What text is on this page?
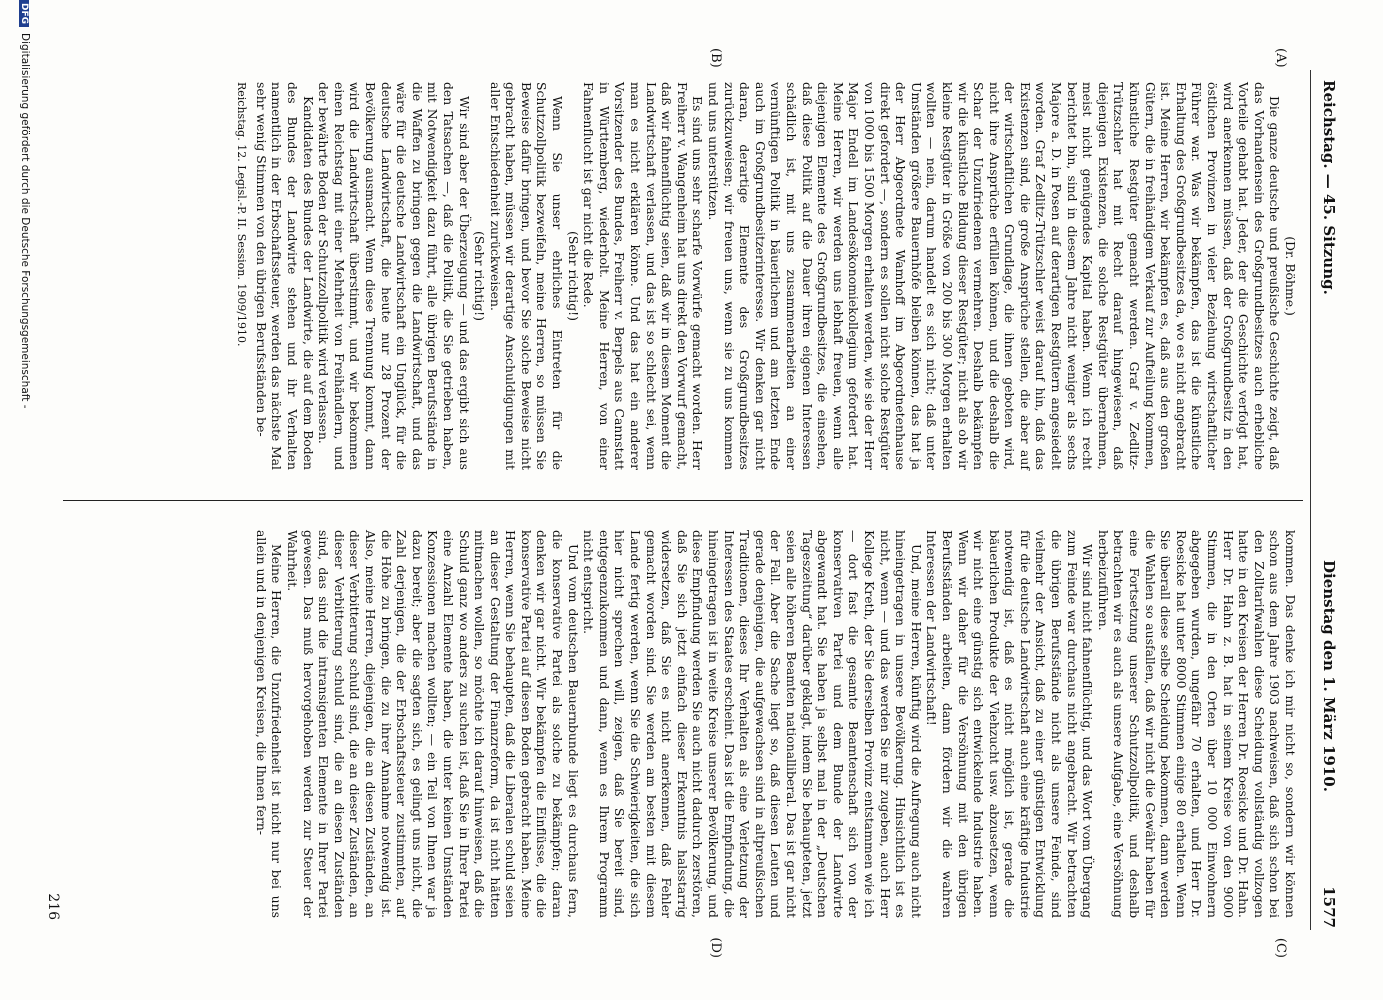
Reichstag. — 45. Sitzung.
Dienstag den 1. März 1910.
1577
(A)
(B)
(C)
(D)

(Dr. Böhme.)

Die ganze deutsche und preußische Geschichte zeigt, daß das Vorhandensein des Großgrundbesitzes auch erhebliche Vorteile gehabt hat. Jeder, der die Geschichte verfolgt hat, wird anerkennen müssen, daß der Großgrundbesitz in den östlichen Provinzen in vieler Beziehung wirtschaftlicher Führer war. Was wir bekämpfen, das ist die künstliche Erhaltung des Großgrundbesitzes da, wo es nicht angebracht ist. Meine Herren, wir bekämpfen es, daß aus den großen Gütern, die in freihändigem Verkauf zur Aufteilung kommen, künstliche Restgüter gemacht werden. Graf v. Zedlitz-Trützschler hat mit Recht darauf hingewiesen, daß diejenigen Existenzen, die solche Restgüter übernehmen, meist nicht genügendes Kapital haben. Wenn ich recht berichtet bin, sind in diesem Jahre nicht weniger als sechs Majore a. D. in Posen auf derartigen Restgütern angesiedelt worden. Graf Zedlitz-Trützschler weist darauf hin, daß das Existenzen sind, die große Ansprüche stellen, die aber auf der wirtschaftlichen Grundlage, die ihnen geboten wird, nicht ihre Ansprüche erfüllen können, und die deshalb die Schar der Unzufriedenen vermehren. Deshalb bekämpfen wir die künstliche Bildung dieser Restgüter; nicht als ob wir kleine Restgüter in Größe von 200 bis 300 Morgen erhalten wollten — nein, darum handelt es sich nicht; daß unter Umständen größere Bauernhöfe bleiben können, das hat ja der Herr Abgeordnete Wamhoff im Abgeordnetenhause direkt gefordert —, sondern es sollen nicht solche Restgüter von 1000 bis 1500 Morgen erhalten werden, wie sie der Herr Major Endell im Landesökonomiekollegium gefordert hat. Meine Herren, wir werden uns lebhaft freuen, wenn alle diejenigen Elemente des Großgrundbesitzes, die einsehen, daß diese Politik auf die Dauer ihren eigenen Interessen schädlich ist, mit uns zusammenarbeiten an einer vernünftigen Politik in bäuerlichem und am letzten Ende auch im Großgrundbesitzerinteresse. Wir denken gar nicht daran, derartige Elemente des Großgrundbesitzes zurückzuweisen; wir freuen uns, wenn sie zu uns kommen und uns unterstützen.

Es sind uns sehr scharfe Vorwürfe gemacht worden. Herr Freiherr v. Wangenheim hat uns direkt den Vorwurf gemacht, daß wir fahnenflüchtig seien, daß wir in diesem Moment die Landwirtschaft verlassen, und das ist so schlecht sei, wenn man es nicht erklären könne. Und das hat ein anderer Vorsitzender des Bundes, Freiherr v. Berpels aus Cannstatt in Württemberg, wiederholt. Meine Herren, von einer Fahnenflucht ist gar nicht die Rede.

(Sehr richtig!)

Wenn Sie unser ehrliches Eintreten für die Schutzzollpolitik bezweifeln, meine Herren, so müssen Sie Beweise dafür bringen, und bevor Sie solche Beweise nicht gebracht haben, müssen wir derartige Anschuldigungen mit aller Entschiedenheit zurückweisen.

(Sehr richtig!)

Wir sind aber der Überzeugung — und das ergibt sich aus den Tatsachen —, daß die Politik, die Sie getrieben haben, mit Notwendigkeit dazu führt, alle übrigen Berufsstände in die Waffen zu bringen gegen die Landwirtschaft, und das wäre für die deutsche Landwirtschaft ein Unglück, für die deutsche Landwirtschaft, die heute nur 28 Prozent der Bevölkerung ausmacht. Wenn diese Trennung kommt, dann wird die Landwirtschaft überstimmt, und wir bekommen einen Reichstag mit einer Mehrheit von Freihändlern, und der bewährte Boden der Schutzzollpolitik wird verlassen.

Kandidaten des Bundes der Landwirte, die auf dem Boden des Bundes der Landwirte stehen und ihr Verhalten namentlich in der Erbschaftssteuer, werden das nächste Mal sehr wenig Stimmen von den übrigen Berufsständen be-

Reichstag. 12. Legisl.-P. II. Session. 1909/1910.

kommen. Das denke ich mir nicht so, sondern wir können schon aus dem Jahre 1903 nachweisen, daß sich schon bei den Zolltarifwahlen diese Scheidung vollständig vollzogen hatte in den Kreisen der Herren Dr. Roesicke und Dr. Hahn. Herr Dr. Hahn z. B. hat in seinem Kreise von den 9000 Stimmen, die in den Orten über 10 000 Einwohnern abgegeben wurden, ungefähr 70 erhalten, und Herr Dr. Roesicke hat unter 8000 Stimmen einige 80 erhalten. Wenn Sie überall diese selbe Scheidung bekommen, dann werden die Wahlen so ausfallen, daß wir nicht die Gewähr haben für eine Fortsetzung unserer Schutzzollpolitik, und deshalb betrachten wir es auch als unsere Aufgabe, eine Versöhnung herbeizuführen.

Wir sind nicht fahnenflüchtig, und das Wort vom Übergang zum Feinde war durchaus nicht angebracht. Wir betrachten die übrigen Berufsstände nicht als unsere Feinde, sind vielmehr der Ansicht, daß zu einer günstigen Entwicklung für die deutsche Landwirtschaft auch eine kräftige Industrie notwendig ist, daß es nicht möglich ist, gerade die bäuerlichen Produkte der Viehzucht usw. abzusetzen, wenn wir nicht eine günstig sich entwickelnde Industrie haben. Wenn wir daher für die Versöhnung mit den übrigen Berufsständen arbeiten, dann fördern wir die wahren Interessen der Landwirtschaft!

Und, meine Herren, künftig wird die Aufregung auch nicht hineingetragen in unsere Bevölkerung. Hinsichtlich ist es nicht, wenn — und das werden Sie mir zugeben, auch Herr Kollege Kreth, der Sie derselben Provinz entstammen wie ich — dort fast die gesamte Beamtenschaft sich von der konservativen Partei und dem Bunde der Landwirte abgewandt hat. Sie haben ja selbst mal in der „Deutschen Tageszeitung“ darüber geklagt, indem Sie behaupteten, jetzt seien alle höheren Beamten nationalliberal. Das ist gar nicht der Fall. Aber die Sache liegt so, daß diesen Leuten und gerade denjenigen, die aufgewachsen sind in altpreußischen Traditionen, dieses Ihr Verhalten als eine Verletzung der Interessen des Staates erscheint. Das ist die Empfindung, die hineingetragen ist in weite Kreise unserer Bevölkerung, und diese Empfindung werden Sie auch nicht dadurch zerstören, daß Sie sich jetzt einfach dieser Erkenntnis halsstarrig widersetzen, daß Sie es nicht anerkennen, daß Fehler gemacht worden sind. Sie werden am besten mit diesem Lande fertig werden, wenn Sie die Schwierigkeiten, die sich hier nicht sprechen will, zeigen, daß Sie bereit sind, entgegenzukommen und dann, wenn es Ihrem Programm nicht entspricht.

Und vom deutschen Bauernbunde liegt es durchaus fern, die konservative Partei als solche zu bekämpfen; daran denken wir gar nicht. Wir bekämpfen die Einflüsse, die die konservative Partei auf diesen Boden gebracht haben. Meine Herren, wenn Sie behaupten, daß die Liberalen schuld seien an dieser Gestaltung der Finanzreform, da ist nicht hätten mitmachen wollen, so möchte ich darauf hinweisen, daß die Schuld ganz wo anders zu suchen ist, daß Sie in Ihrer Partei eine Anzahl Elemente haben, die unter keinen Umständen Konzessionen machen wollten; — ein Teil von Ihnen war ja dazu bereit; aber die sagten sich, es gelingt uns nicht, die Zahl derjenigen, die der Erbschaftssteuer zustimmten, auf die Höhe zu bringen, die zu ihrer Annahme notwendig ist. Also, meine Herren, diejenigen, die an diesen Zuständen, an dieser Verbitterung schuld sind, die an dieser Zuständen, an dieser Verbitterung schuld sind, die an diesen Zuständen sind, das sind die intransigenten Elemente in Ihrer Partei gewesen. Das muß hervorgehoben werden zur Steuer der Wahrheit.

Meine Herren, die Unzufriedenheit ist nicht nur bei uns allein und in denjenigen Kreisen, die Ihnen fern-

216
DFGDigitalisierung gefördert durch die Deutsche Forschungsgemeinschaft -
